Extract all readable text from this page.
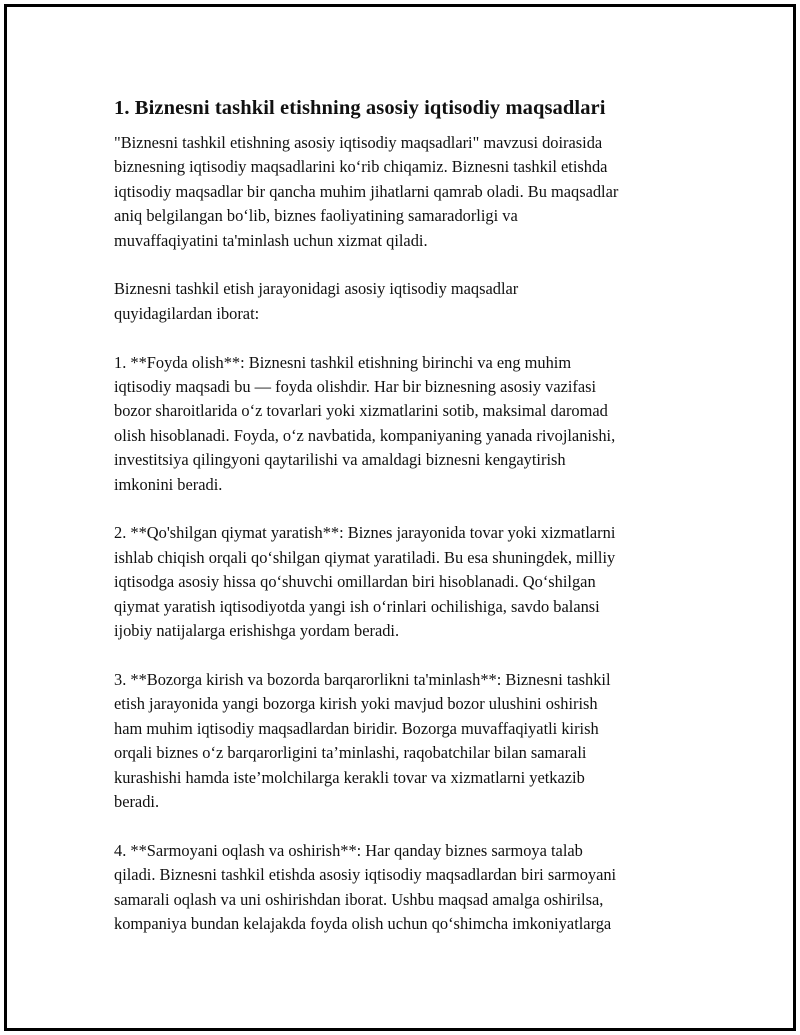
1. Biznesni tashkil etishning asosiy iqtisodiy maqsadlari
"Biznesni tashkil etishning asosiy iqtisodiy maqsadlari" mavzusi doirasida
biznesning iqtisodiy maqsadlarini koʻrib chiqamiz. Biznesni tashkil etishda
iqtisodiy maqsadlar bir qancha muhim jihatlarni qamrab oladi. Bu maqsadlar
aniq belgilangan boʻlib, biznes faoliyatining samaradorligi va
muvaffaqiyatini ta'minlash uchun xizmat qiladi.
Biznesni tashkil etish jarayonidagi asosiy iqtisodiy maqsadlar
quyidagilardan iborat:
1. **Foyda olish**: Biznesni tashkil etishning birinchi va eng muhim
iqtisodiy maqsadi bu — foyda olishdir. Har bir biznesning asosiy vazifasi
bozor sharoitlarida oʻz tovarlari yoki xizmatlarini sotib, maksimal daromad
olish hisoblanadi. Foyda, oʻz navbatida, kompaniyaning yanada rivojlanishi,
investitsiya qilingyoni qaytarilishi va amaldagi biznesni kengaytirish
imkonini beradi.
2. **Qo'shilgan qiymat yaratish**: Biznes jarayonida tovar yoki xizmatlarni
ishlab chiqish orqali qoʻshilgan qiymat yaratiladi. Bu esa shuningdek, milliy
iqtisodga asosiy hissa qoʻshuvchi omillardan biri hisoblanadi. Qoʻshilgan
qiymat yaratish iqtisodiyotda yangi ish oʻrinlari ochilishiga, savdo balansi
ijobiy natijalarga erishishga yordam beradi.
3. **Bozorga kirish va bozorda barqarorlikni ta'minlash**: Biznesni tashkil
etish jarayonida yangi bozorga kirish yoki mavjud bozor ulushini oshirish
ham muhim iqtisodiy maqsadlardan biridir. Bozorga muvaffaqiyatli kirish
orqali biznes oʻz barqarorligini ta’minlashi, raqobatchilar bilan samarali
kurashishi hamda iste’molchilarga kerakli tovar va xizmatlarni yetkazib
beradi.
4. **Sarmoyani oqlash va oshirish**: Har qanday biznes sarmoya talab
qiladi. Biznesni tashkil etishda asosiy iqtisodiy maqsadlardan biri sarmoyani
samarali oqlash va uni oshirishdan iborat. Ushbu maqsad amalga oshirilsa,
kompaniya bundan kelajakda foyda olish uchun qoʻshimcha imkoniyatlarga
